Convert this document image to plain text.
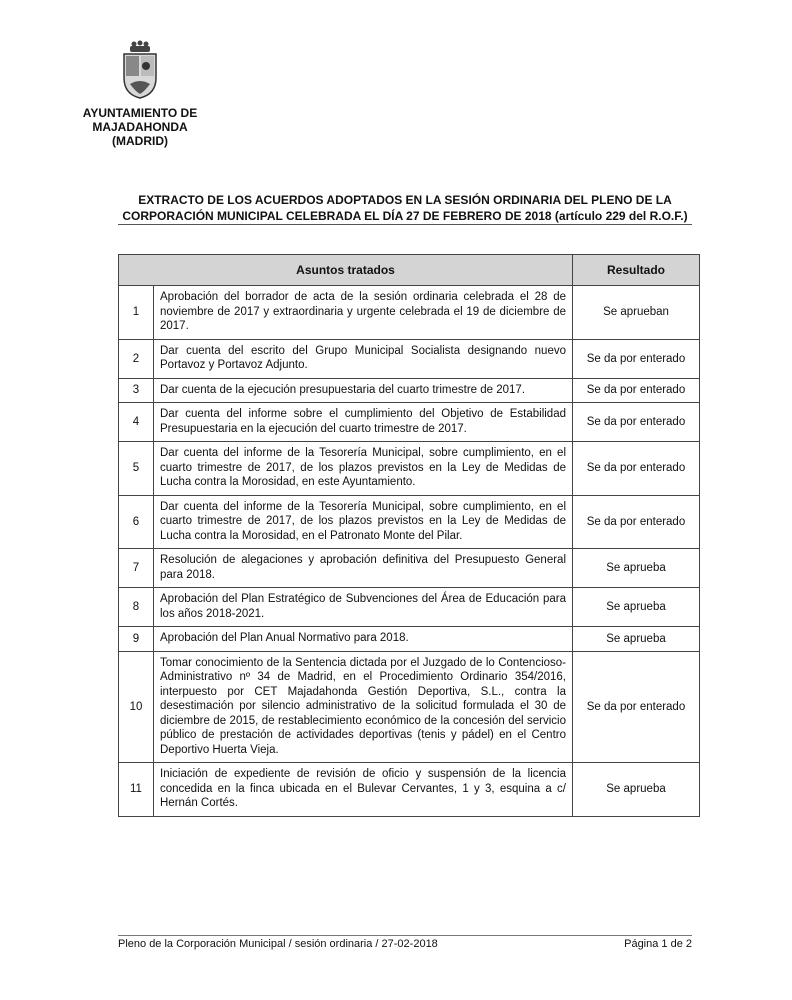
AYUNTAMIENTO DE
MAJADAHONDA
(MADRID)
EXTRACTO DE LOS ACUERDOS ADOPTADOS EN LA SESIÓN ORDINARIA DEL PLENO DE LA
CORPORACIÓN MUNICIPAL CELEBRADA EL DÍA 27 DE FEBRERO DE 2018 (artículo 229 del R.O.F.)
Asuntos tratados		Resultado
1	Aprobación del borrador de acta de la sesión ordinaria celebrada el 28 de noviembre de 2017 y extraordinaria y urgente celebrada el 19 de diciembre de 2017.	Se aprueban
2	Dar cuenta del escrito del Grupo Municipal Socialista designando nuevo Portavoz y Portavoz Adjunto.	Se da por enterado
3	Dar cuenta de la ejecución presupuestaria del cuarto trimestre de 2017.	Se da por enterado
4	Dar cuenta del informe sobre el cumplimiento del Objetivo de Estabilidad Presupuestaria en la ejecución del cuarto trimestre de 2017.	Se da por enterado
5	Dar cuenta del informe de la Tesorería Municipal, sobre cumplimiento, en el cuarto trimestre de 2017, de los plazos previstos en la Ley de Medidas de Lucha contra la Morosidad, en este Ayuntamiento.	Se da por enterado
6	Dar cuenta del informe de la Tesorería Municipal, sobre cumplimiento, en el cuarto trimestre de 2017, de los plazos previstos en la Ley de Medidas de Lucha contra la Morosidad, en el Patronato Monte del Pilar.	Se da por enterado
7	Resolución de alegaciones y aprobación definitiva del Presupuesto General para 2018.	Se aprueba
8	Aprobación del Plan Estratégico de Subvenciones del Área de Educación para los años 2018-2021.	Se aprueba
9	Aprobación del Plan Anual Normativo para 2018.	Se aprueba
10	Tomar conocimiento de la Sentencia dictada por el Juzgado de lo Contencioso-Administrativo nº 34 de Madrid, en el Procedimiento Ordinario 354/2016, interpuesto por CET Majadahonda Gestión Deportiva, S.L., contra la desestimación por silencio administrativo de la solicitud formulada el 30 de diciembre de 2015, de restablecimiento económico de la concesión del servicio público de prestación de actividades deportivas (tenis y pádel) en el Centro Deportivo Huerta Vieja.	Se da por enterado
11	Iniciación de expediente de revisión de oficio y suspensión de la licencia concedida en la finca ubicada en el Bulevar Cervantes, 1 y 3, esquina a c/ Hernán Cortés.	Se aprueba
Pleno de la Corporación Municipal / sesión ordinaria / 27-02-2018	Página 1 de 2
